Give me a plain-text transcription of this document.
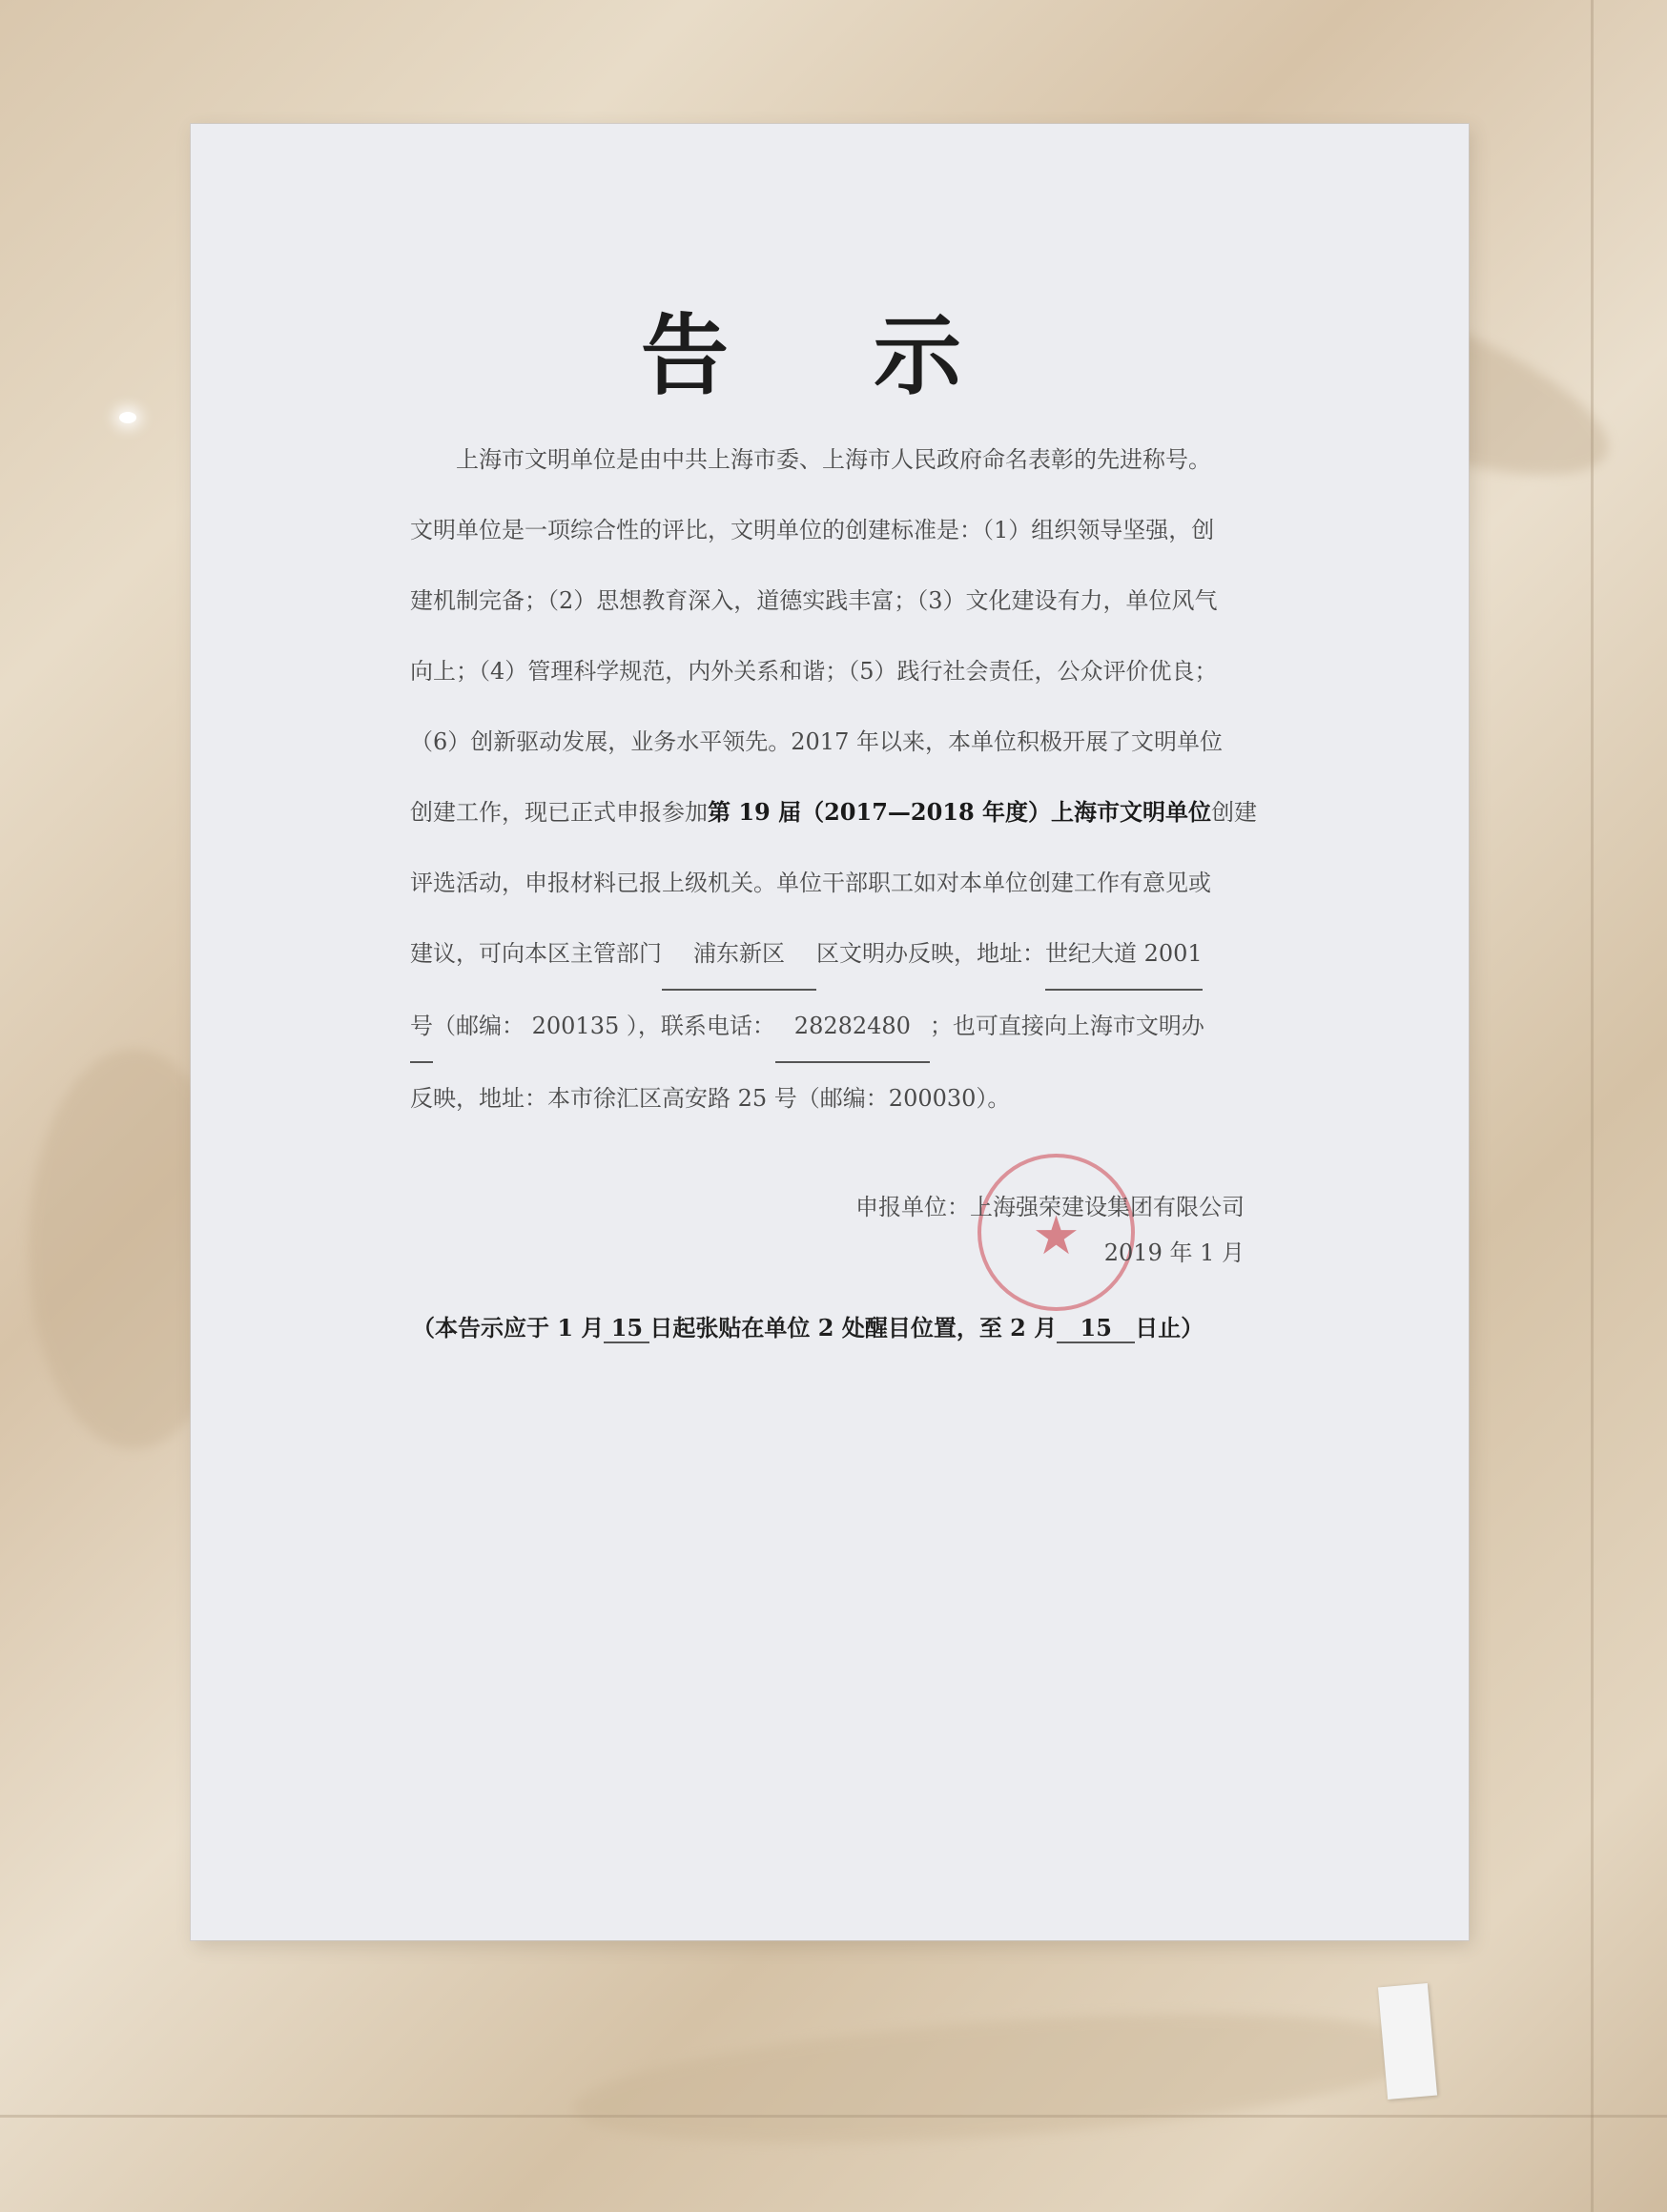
告 示
上海市文明单位是由中共上海市委、上海市人民政府命名表彰的先进称号。
文明单位是一项综合性的评比，文明单位的创建标准是：（1）组织领导坚强，创
建机制完备；（2）思想教育深入，道德实践丰富；（3）文化建设有力，单位风气
向上；（4）管理科学规范，内外关系和谐；（5）践行社会责任，公众评价优良；
（6）创新驱动发展，业务水平领先。2017 年以来，本单位积极开展了文明单位
创建工作，现已正式申报参加第 19 届（2017—2018 年度）上海市文明单位创建
评选活动，申报材料已报上级机关。单位干部职工如对本单位创建工作有意见或
建议，可向本区主管部门 浦东新区 区文明办反映，地址：世纪大道 2001
号（邮编： 200135 ），联系电话： 28282480 ；也可直接向上海市文明办
反映，地址：本市徐汇区高安路 25 号（邮编：200030）。
★
申报单位：上海强荣建设集团有限公司
2019 年 1 月
（本告示应于 1 月 15 日起张贴在单位 2 处醒目位置，至 2 月 15 日止）
